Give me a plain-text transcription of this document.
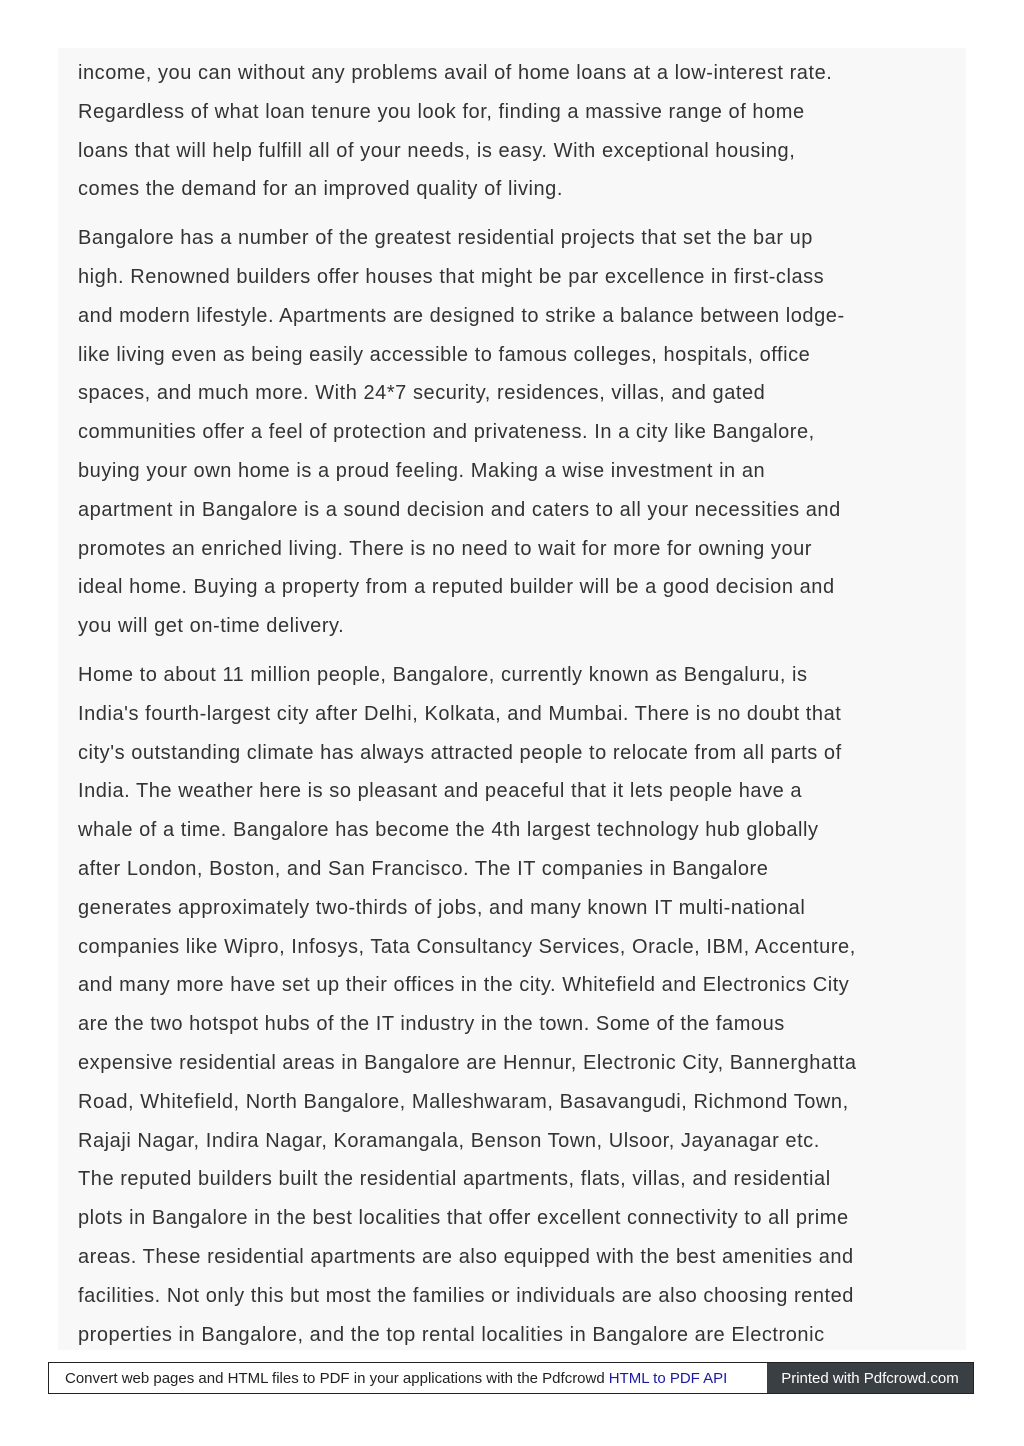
income, you can without any problems avail of home loans at a low-interest rate.
Regardless of what loan tenure you look for, finding a massive range of home
loans that will help fulfill all of your needs, is easy. With exceptional housing,
comes the demand for an improved quality of living.

Bangalore has a number of the greatest residential projects that set the bar up
high. Renowned builders offer houses that might be par excellence in first-class
and modern lifestyle. Apartments are designed to strike a balance between lodge-
like living even as being easily accessible to famous colleges, hospitals, office
spaces, and much more. With 24*7 security, residences, villas, and gated
communities offer a feel of protection and privateness. In a city like Bangalore,
buying your own home is a proud feeling. Making a wise investment in an
apartment in Bangalore is a sound decision and caters to all your necessities and
promotes an enriched living. There is no need to wait for more for owning your
ideal home. Buying a property from a reputed builder will be a good decision and
you will get on-time delivery.

Home to about 11 million people, Bangalore, currently known as Bengaluru, is
India's fourth-largest city after Delhi, Kolkata, and Mumbai. There is no doubt that
city's outstanding climate has always attracted people to relocate from all parts of
India. The weather here is so pleasant and peaceful that it lets people have a
whale of a time. Bangalore has become the 4th largest technology hub globally
after London, Boston, and San Francisco. The IT companies in Bangalore
generates approximately two-thirds of jobs, and many known IT multi-national
companies like Wipro, Infosys, Tata Consultancy Services, Oracle, IBM, Accenture,
and many more have set up their offices in the city. Whitefield and Electronics City
are the two hotspot hubs of the IT industry in the town. Some of the famous
expensive residential areas in Bangalore are Hennur, Electronic City, Bannerghatta
Road, Whitefield, North Bangalore, Malleshwaram, Basavangudi, Richmond Town,
Rajaji Nagar, Indira Nagar, Koramangala, Benson Town, Ulsoor, Jayanagar etc.
The reputed builders built the residential apartments, flats, villas, and residential
plots in Bangalore in the best localities that offer excellent connectivity to all prime
areas. These residential apartments are also equipped with the best amenities and
facilities. Not only this but most the families or individuals are also choosing rented
properties in Bangalore, and the top rental localities in Bangalore are Electronic

Convert web pages and HTML files to PDF in your applications with the Pdfcrowd HTML to PDF API	Printed with Pdfcrowd.com
